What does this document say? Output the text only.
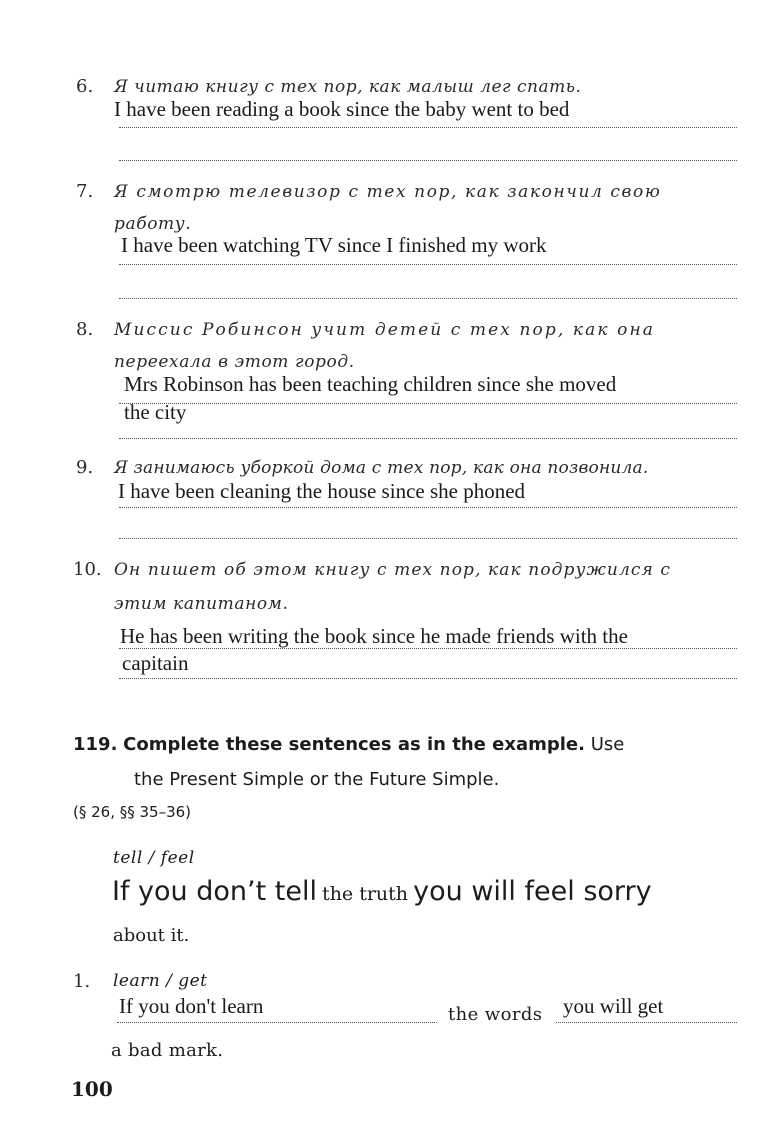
6. Я читаю книгу с тех пор, как малыш лег спать.
I have been reading a book since the baby went to bed
7. Я смотрю телевизор с тех пор, как закончил свою
работу.
I have been watching TV since I finished my work
8. Миссис Робинсон учит детей с тех пор, как она
переехала в этот город.
Mrs Robinson has been teaching children since she moved
the city
9. Я занимаюсь уборкой дома с тех пор, как она позвонила.
I have been cleaning the house since she phoned
10. Он пишет об этом книгу с тех пор, как подружился с
этим капитаном.
He has been writing the book since he made friends with the
capitain
119. Complete these sentences as in the example. Use
the Present Simple or the Future Simple.
(§ 26, §§ 35–36)
tell / feel
If you don’t tell the truth you will feel sorry
about it.
1. learn / get
If you don't learn	the words you will get
a bad mark.
100
